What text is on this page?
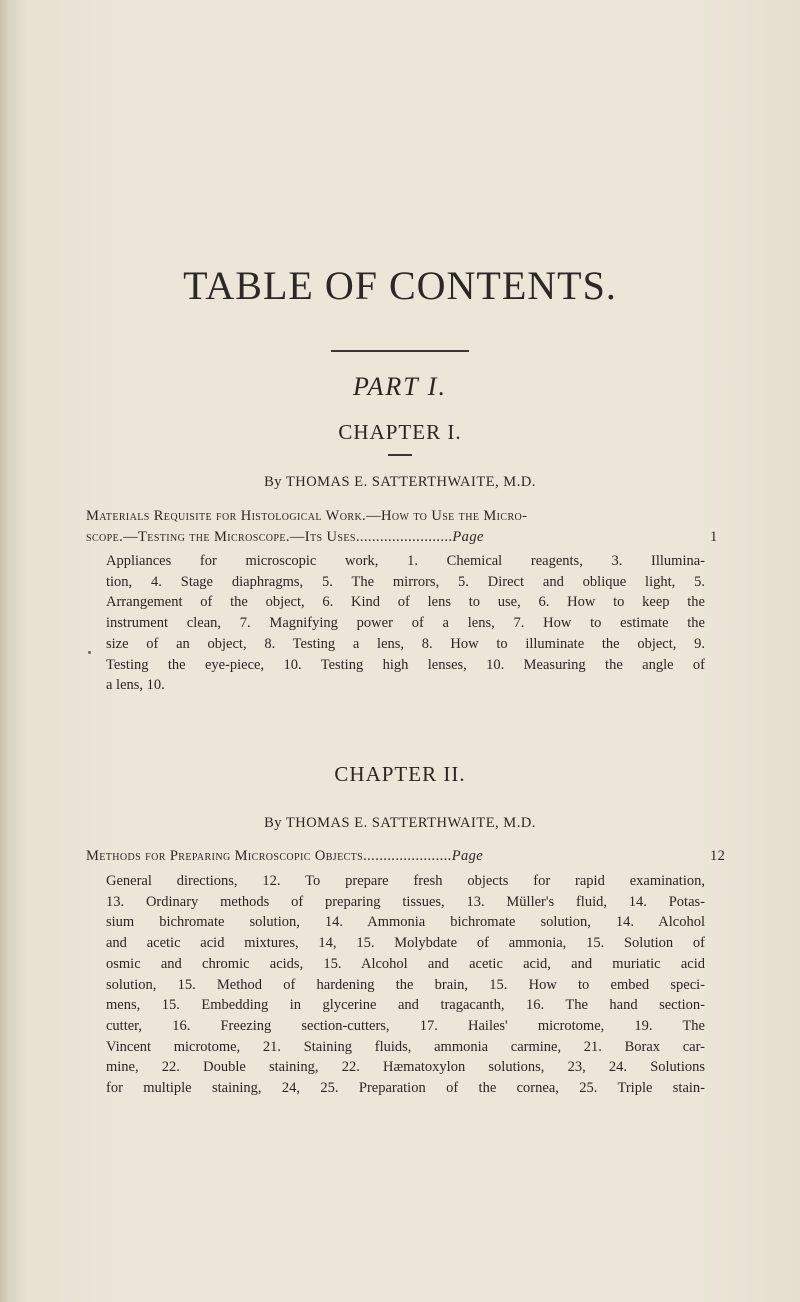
TABLE OF CONTENTS.
PART I.
CHAPTER I.
By THOMAS E. SATTERTHWAITE, M.D.
Materials Requisite for Histological Work.—How to Use the Micro-
scope.—Testing the Microscope.—Its Uses........................Page	1
Appliances for microscopic work, 1. Chemical reagents, 3. Illumina-
tion, 4. Stage diaphragms, 5. The mirrors, 5. Direct and oblique light, 5.
Arrangement of the object, 6. Kind of lens to use, 6. How to keep the
instrument clean, 7. Magnifying power of a lens, 7. How to estimate the
size of an object, 8. Testing a lens, 8. How to illuminate the object, 9.
Testing the eye-piece, 10. Testing high lenses, 10. Measuring the angle of
a lens, 10.
CHAPTER II.
By THOMAS E. SATTERTHWAITE, M.D.
Methods for Preparing Microscopic Objects......................Page	12
General directions, 12. To prepare fresh objects for rapid examination,
13. Ordinary methods of preparing tissues, 13. Müller's fluid, 14. Potas-
sium bichromate solution, 14. Ammonia bichromate solution, 14. Alcohol
and acetic acid mixtures, 14, 15. Molybdate of ammonia, 15. Solution of
osmic and chromic acids, 15. Alcohol and acetic acid, and muriatic acid
solution, 15. Method of hardening the brain, 15. How to embed speci-
mens, 15. Embedding in glycerine and tragacanth, 16. The hand section-
cutter, 16. Freezing section-cutters, 17. Hailes' microtome, 19. The
Vincent microtome, 21. Staining fluids, ammonia carmine, 21. Borax car-
mine, 22. Double staining, 22. Hæmatoxylon solutions, 23, 24. Solutions
for multiple staining, 24, 25. Preparation of the cornea, 25. Triple stain-
